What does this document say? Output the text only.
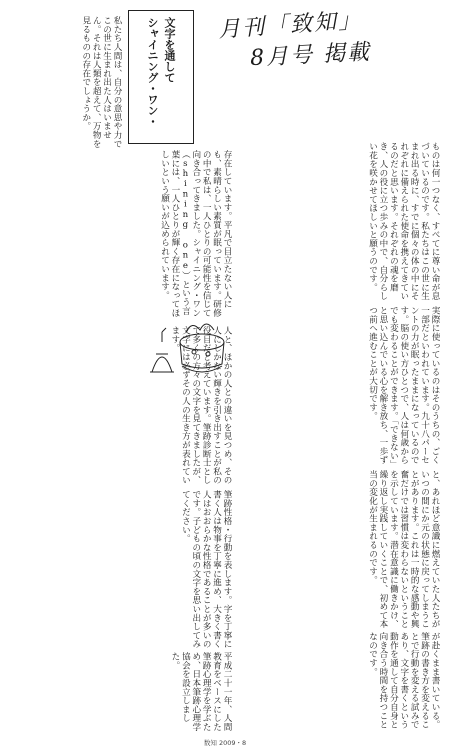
月刊「致知」
8月号 掲載
文字を通して
シャイニング・ワン・
ものは何一つなく、すべてに尊い命が息づいているのです。私たちはこの世に生まれ出る時に、すでに個々の体の中にそれぞれに備えられた使命を携えてきているのだと思います。それぞれの魂を磨き、人の役に立つ歩みの中で、自分らしい花を咲かせてほしいと願うのです。
実際に使っているのはそのうちの、ごく一部だといわれています。九十八パーセントの力が眠ったままになっているのです。脳の使い方ひとつで、人は何歳からでも変わることができます。「できない」と思い込んでいる心を解き放ち、一歩ずつ前へ進むことが大切です。
と、あれほど意識に燃えていた人たちがいつの間にか元の状態に戻ってしまうことがあります。これは一時的な感動や興奮だけでは習慣は変わらないということを示しています。潜在意識に働きかけ、繰り返し実践していくことで、初めて本当の変化が生まれるのです。
が赴くまま書いている。筆跡の書き方を変えることで行動を変える試みであり、文字を書くという動作を通して自分自身と向き合う時間を持つことなのです。
私たち人間は、自分の意思や力でこの世に生まれ出た人はいません。それは人類を超えて、万物を見るものの存在でしょうか。
存在しています。平凡で目立たない人にも、素晴らしい素質が眠っています。研修の中で私は、一人ひとりの可能性を信じて向き合ってきました。シャイニング・ワン（shining one）という言葉には、一人ひとりが輝く存在になってほしいという願いが込められています。
人と、ほかの人との違いを見つめ、その人にしかない輝きを引き出すことが私の役目だと考えています。筆跡診断士として多くの方々の文字を見てきましたが、文字には必ずその人の生き方が表れています。
筆跡性格・行動を表します。字を丁寧に書く人は物事を丁寧に進め、大きく書く人はおおらかな性格であることが多いのです。子どもの頃の文字を思い出してみてください。
平成二十一年、人間教育をベースにした筆跡心理学を学ぶため、日本筆跡心理学協会を設立しました。
数知 2009・8
